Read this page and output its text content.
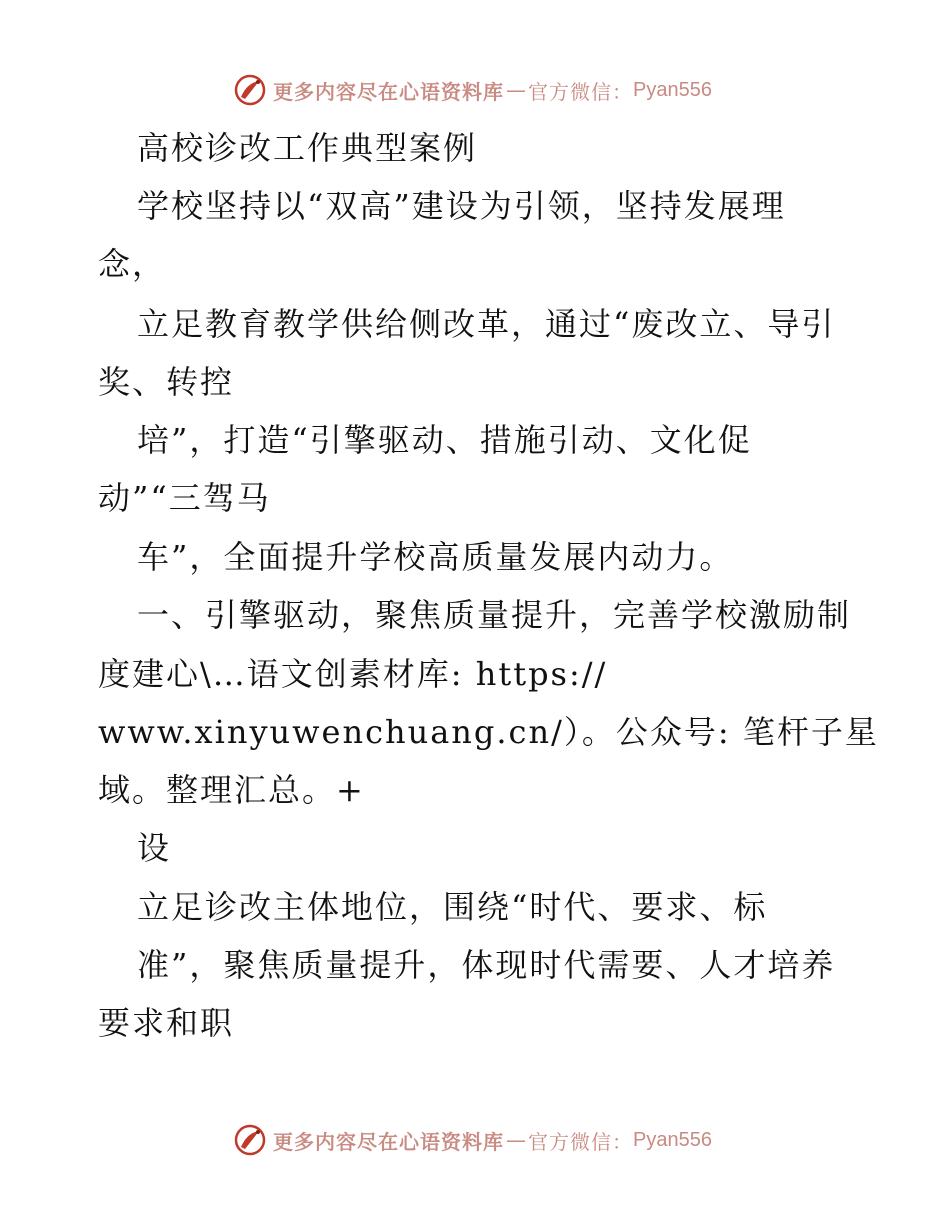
更多内容尽在心语资料库 — 官方微信： Pyan556
高校诊改工作典型案例
学校坚持以“双高”建设为引领，坚持发展理
念，
立足教育教学供给侧改革，通过“废改立、导引
奖、转控
培”，打造“引擎驱动、措施引动、文化促
动”“三驾马
车”，全面提升学校高质量发展内动力。
一、引擎驱动，聚焦质量提升，完善学校激励制
度建心\…语文创素材库: https://
www.xinyuwenchuang.cn/）。公众号: 笔杆子星
域。整理汇总。+
设
立足诊改主体地位，围绕“时代、要求、标
准”，聚焦质量提升，体现时代需要、人才培养
要求和职
更多内容尽在心语资料库 — 官方微信： Pyan556
